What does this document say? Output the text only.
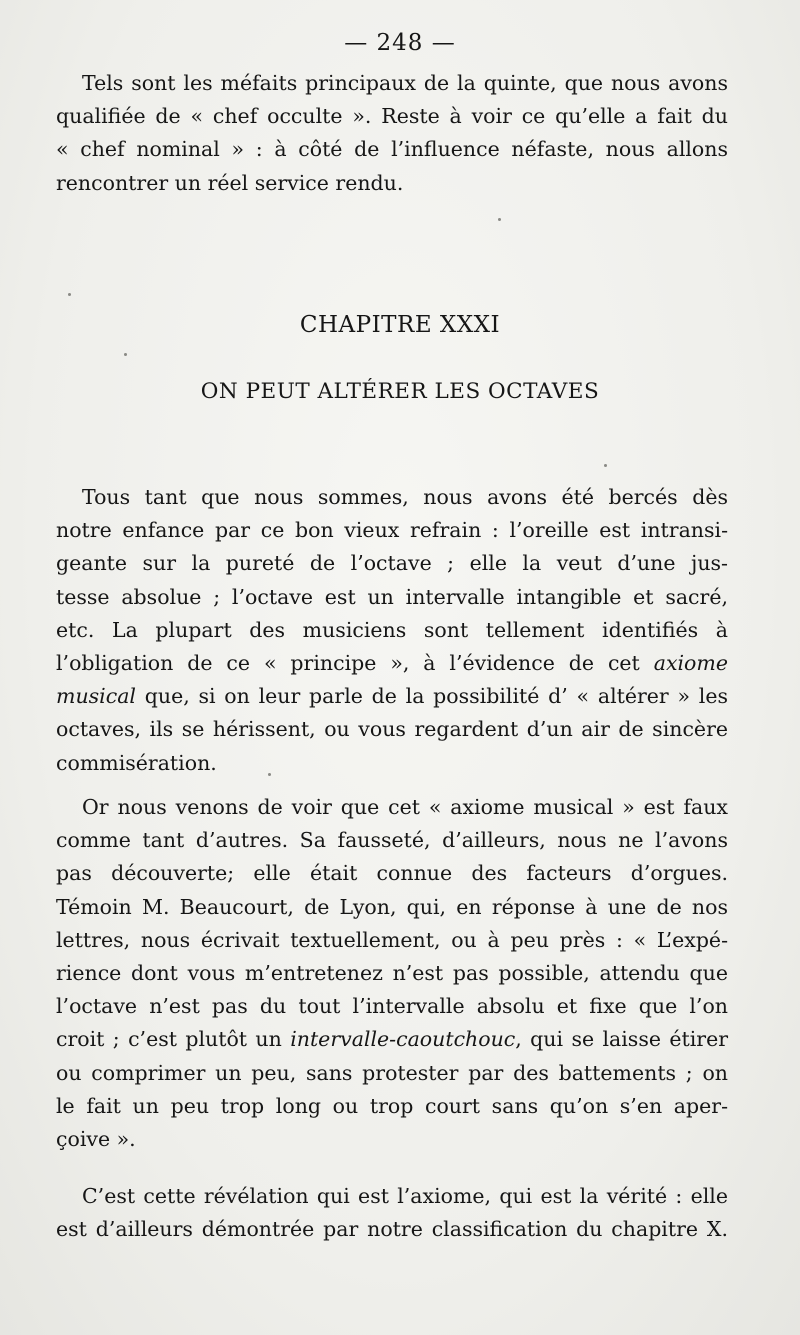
— 248 —

Tels sont les méfaits principaux de la quinte, que nous avons

qualifiée de « chef occulte ». Reste à voir ce qu’elle a fait du

« chef nominal » : à côté de l’influence néfaste, nous allons

rencontrer un réel service rendu.

CHAPITRE XXXI
ON PEUT ALTÉRER LES OCTAVES

Tous tant que nous sommes, nous avons été bercés dès

notre enfance par ce bon vieux refrain : l’oreille est intransi-

geante sur la pureté de l’octave ; elle la veut d’une jus-

tesse absolue ; l’octave est un intervalle intangible et sacré,

etc. La plupart des musiciens sont tellement identifiés à

l’obligation de ce « principe », à l’évidence de cet axiome

musical que, si on leur parle de la possibilité d’ « altérer » les

octaves, ils se hérissent, ou vous regardent d’un air de sincère

commisération.

Or nous venons de voir que cet « axiome musical » est faux

comme tant d’autres. Sa fausseté, d’ailleurs, nous ne l’avons

pas découverte; elle était connue des facteurs d’orgues.

Témoin M. Beaucourt, de Lyon, qui, en réponse à une de nos

lettres, nous écrivait textuellement, ou à peu près : « L’expé-

rience dont vous m’entretenez n’est pas possible, attendu que

l’octave n’est pas du tout l’intervalle absolu et fixe que l’on

croit ; c’est plutôt un intervalle-caoutchouc, qui se laisse étirer

ou comprimer un peu, sans protester par des battements ; on

le fait un peu trop long ou trop court sans qu’on s’en aper-

çoive ».

C’est cette révélation qui est l’axiome, qui est la vérité : elle

est d’ailleurs démontrée par notre classification du chapitre X.
